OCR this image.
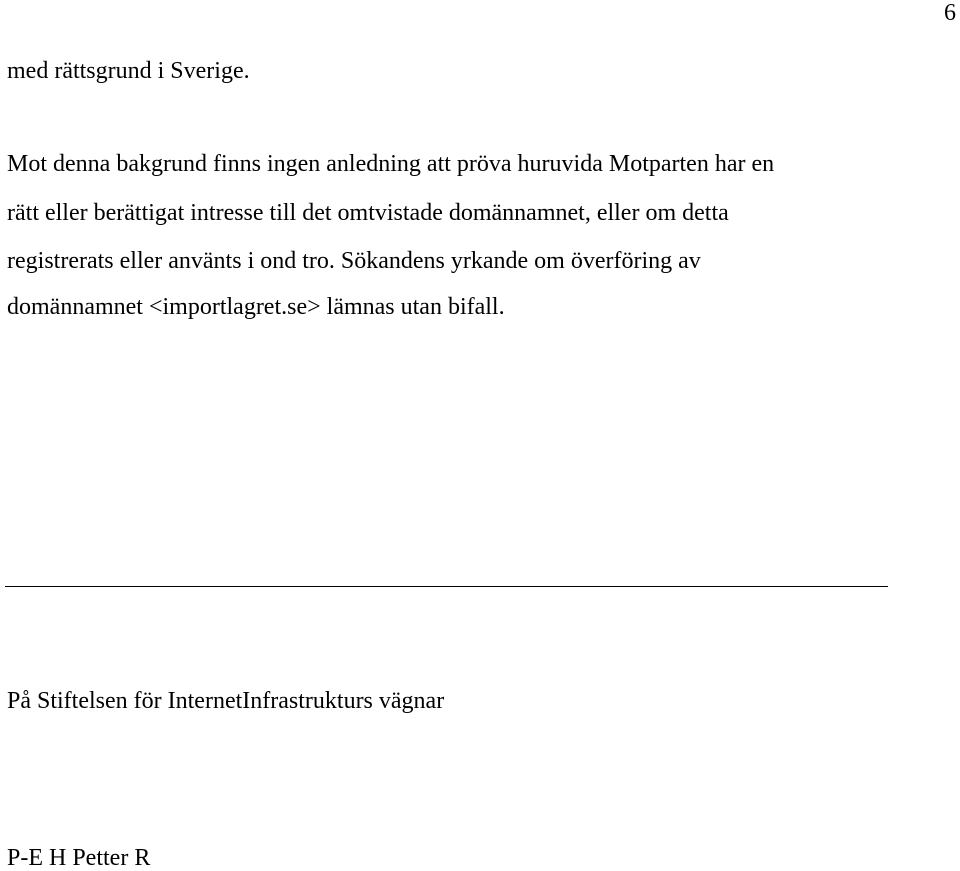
6
med rättsgrund i Sverige.
Mot denna bakgrund finns ingen anledning att pröva huruvida Motparten har en
rätt eller berättigat intresse till det omtvistade domännamnet, eller om detta
registrerats eller använts i ond tro. Sökandens yrkande om överföring av
domännamnet <importlagret.se> lämnas utan bifall.
På Stiftelsen för InternetInfrastrukturs vägnar
P-E H Petter R
